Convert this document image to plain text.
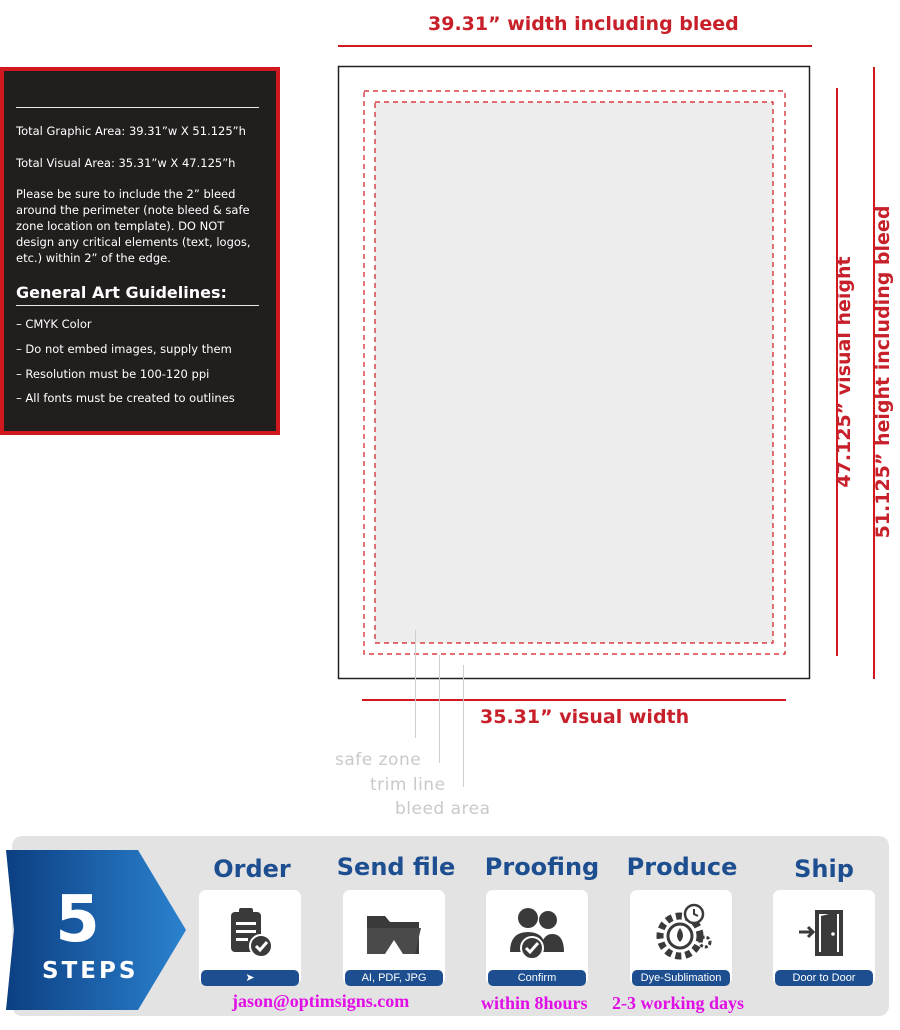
Total Graphic Area: 39.31”w X 51.125”h
Total Visual Area: 35.31”w X 47.125”h
Please be sure to include the 2” bleed around the perimeter (note bleed & safe zone location on template). DO NOT design any critical elements (text, logos, etc.) within 2” of the edge.
General Art Guidelines:
– CMYK Color
– Do not embed images, supply them
– Resolution must be 100-120 ppi
– All fonts must be created to outlines
39.31” width including bleed
35.31” visual width
47.125” visual height 51.125” height including bleed
safe zone
trim line
bleed area
5
STEPS
Order
➤
Send file
AI, PDF, JPG
Proofing
Confirm
Produce
Dye-Sublimation
Ship
Door to Door
jason@optimsigns.com	within 8hours 2-3 working days
